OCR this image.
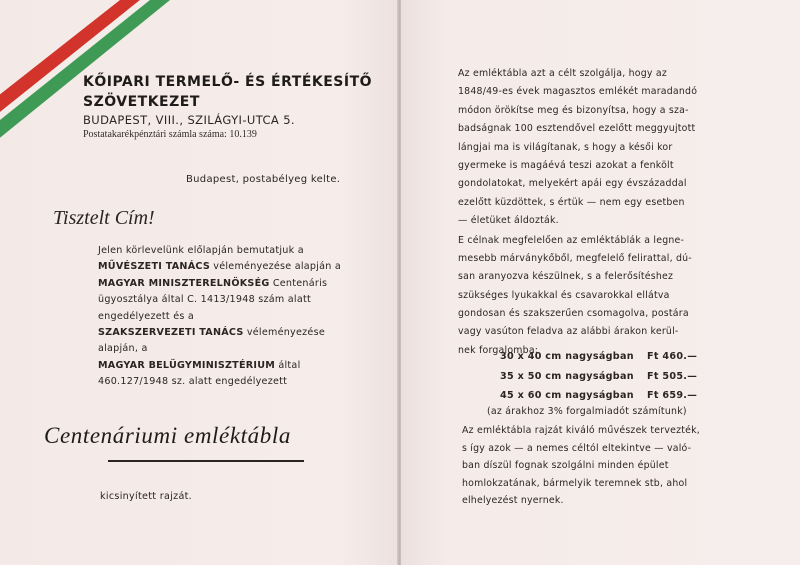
KŐIPARI TERMELŐ- ÉS ÉRTÉKESÍTŐ
SZÖVETKEZET
BUDAPEST, VIII., SZILÁGYI-UTCA 5.
Postatakarékpénztári számla száma: 10.139
Budapest, postabélyeg kelte.
Tisztelt Cím!
Jelen körlevelünk előlapján bemutatjuk a
MŰVÉSZETI TANÁCS véleményezése alapján a
MAGYAR MINISZTERELNÖKSÉG Centenáris
ügyosztálya által C. 1413/1948 szám alatt
engedélyezett és a
SZAKSZERVEZETI TANÁCS véleményezése
alapján, a
MAGYAR BELÜGYMINISZTÉRIUM által
460.127/1948 sz. alatt engedélyezett
Centenáriumi emléktábla
kicsinyített rajzát.
Az emléktábla azt a célt szolgálja, hogy az
1848/49-es évek magasztos emlékét maradandó
módon örökítse meg és bizonyítsa, hogy a sza-
badságnak 100 esztendővel ezelőtt meggyujtott
lángjai ma is világítanak, s hogy a késői kor
gyermeke is magáévá teszi azokat a fenkölt
gondolatokat, melyekért apái egy évszázaddal
ezelőtt küzdöttek, s értük — nem egy esetben
— életüket áldozták.
E célnak megfelelően az emléktáblák a legne-
mesebb márványkőből, megfelelő felirattal, dú-
san aranyozva készülnek, s a felerősítéshez
szükséges lyukakkal és csavarokkal ellátva
gondosan és szakszerűen csomagolva, postára
vagy vasúton feladva az alábbi árakon kerül-
nek forgalomba:
30 x 40 cm nagyságban	Ft 460.—
35 x 50 cm nagyságban	Ft 505.—
45 x 60 cm nagyságban	Ft 659.—
(az árakhoz 3% forgalmiadót számítunk)
Az emléktábla rajzát kiváló művészek tervezték,
s így azok — a nemes céltól eltekintve — való-
ban díszül fognak szolgálni minden épület
homlokzatának, bármelyik teremnek stb, ahol
elhelyezést nyernek.
